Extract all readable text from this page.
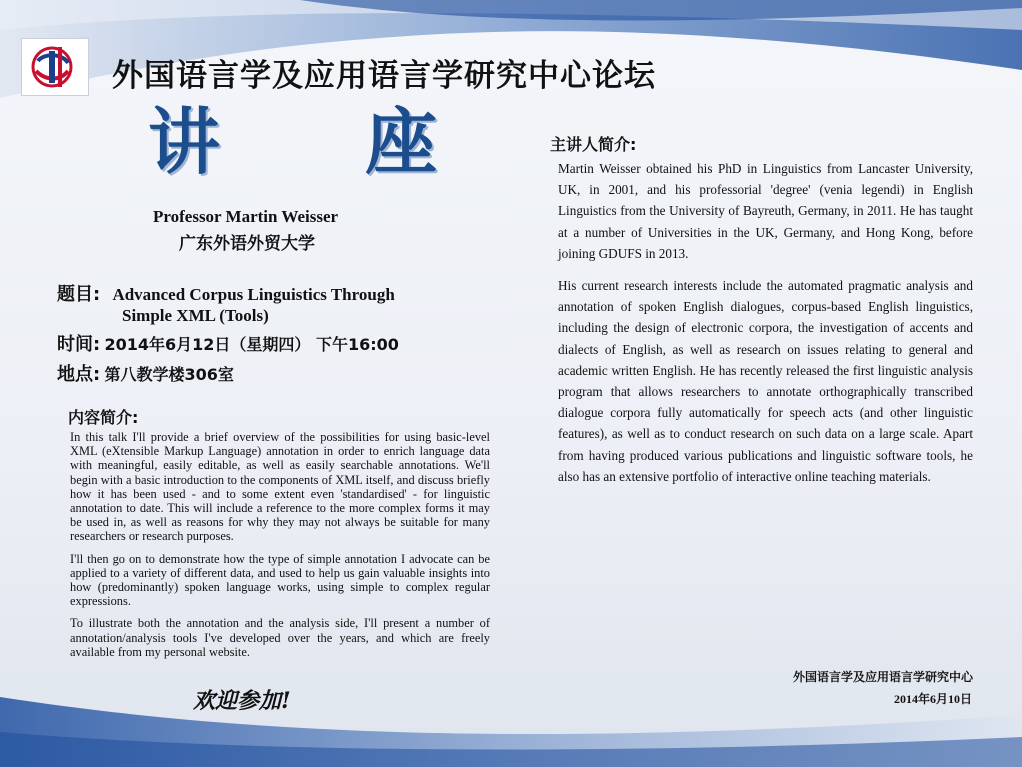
外国语言学及应用语言学研究中心论坛
讲 座
Professor Martin Weisser
广东外语外贸大学
题目: Advanced Corpus Linguistics Through
Simple XML (Tools)
时间: 2014年6月12日（星期四） 下午16:00
地点: 第八教学楼306室
内容简介:

In this talk I'll provide a brief overview of the possibilities for using basic-level XML (eXtensible Markup Language) annotation in order to enrich language data with meaningful, easily editable, as well as easily searchable annotations. We'll begin with a basic introduction to the components of XML itself, and discuss briefly how it has been used - and to some extent even 'standardised' - for linguistic annotation to date. This will include a reference to the more complex forms it may be used in, as well as reasons for why they may not always be suitable for many researchers or research purposes.

I'll then go on to demonstrate how the type of simple annotation I advocate can be applied to a variety of different data, and used to help us gain valuable insights into how (predominantly) spoken language works, using simple to complex regular expressions.

To illustrate both the annotation and the analysis side, I'll present a number of annotation/analysis tools I've developed over the years, and which are freely available from my personal website.

主讲人简介:

Martin Weisser obtained his PhD in Linguistics from Lancaster University, UK, in 2001, and his professorial 'degree' (venia legendi) in English Linguistics from the University of Bayreuth, Germany, in 2011. He has taught at a number of Universities in the UK, Germany, and Hong Kong, before joining GDUFS in 2013.

His current research interests include the automated pragmatic analysis and annotation of spoken English dialogues, corpus-based English linguistics, including the design of electronic corpora, the investigation of accents and dialects of English, as well as research on issues relating to general and academic written English. He has recently released the first linguistic analysis program that allows researchers to annotate orthographically transcribed dialogue corpora fully automatically for speech acts (and other linguistic features), as well as to conduct research on such data on a large scale. Apart from having produced various publications and linguistic software tools, he also has an extensive portfolio of interactive online teaching materials.

欢迎参加!
外国语言学及应用语言学研究中心
2014年6月10日
